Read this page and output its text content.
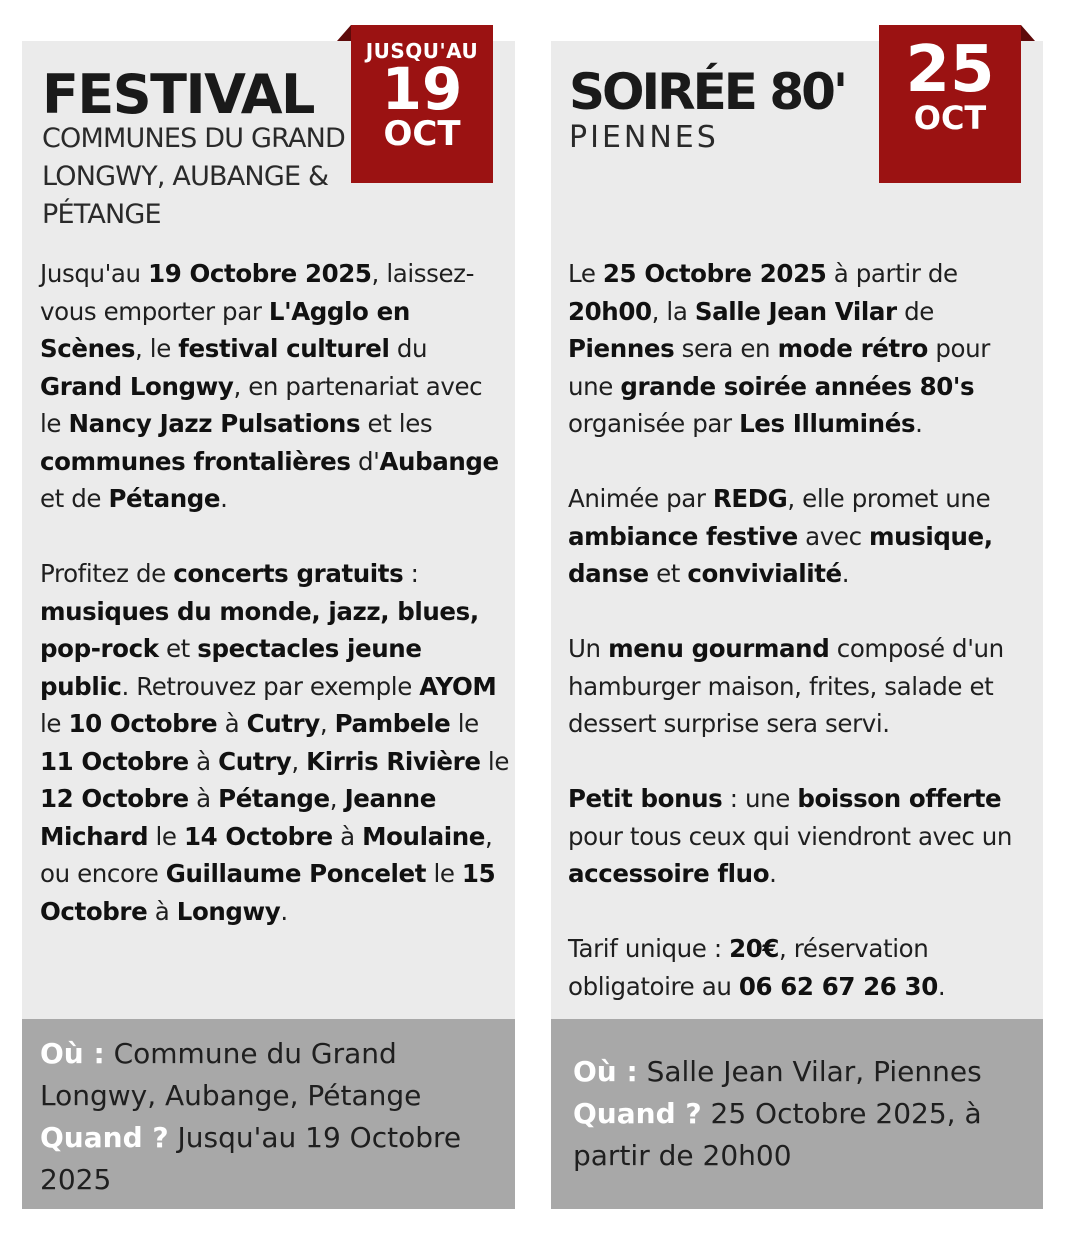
JUSQU'AU
19
OCT
FESTIVAL
COMMUNES DU GRAND LONGWY, AUBANGE & PÉTANGE

Jusqu'au 19 Octobre 2025, laissez-vous emporter par L'Agglo en Scènes, le festival culturel du Grand Longwy, en partenariat avec le Nancy Jazz Pulsations et les communes frontalières d'Aubange et de Pétange.

Profitez de concerts gratuits : musiques du monde, jazz, blues, pop-rock et spectacles jeune public. Retrouvez par exemple AYOM le 10 Octobre à Cutry, Pambele le 11 Octobre à Cutry, Kirris Rivière le 12 Octobre à Pétange, Jeanne Michard le 14 Octobre à Moulaine, ou encore Guillaume Poncelet le 15 Octobre à Longwy.

Où : Commune du Grand Longwy, Aubange, Pétange
Quand ? Jusqu'au 19 Octobre 2025
25
OCT
SOIRÉE 80'
PIENNES

Le 25 Octobre 2025 à partir de 20h00, la Salle Jean Vilar de Piennes sera en mode rétro pour une grande soirée années 80's organisée par Les Illuminés.

Animée par REDG, elle promet une ambiance festive avec musique, danse et convivialité.

Un menu gourmand composé d'un hamburger maison, frites, salade et dessert surprise sera servi.

Petit bonus : une boisson offerte pour tous ceux qui viendront avec un accessoire fluo.

Tarif unique : 20€, réservation obligatoire au 06 62 67 26 30.

Où : Salle Jean Vilar, Piennes
Quand ? 25 Octobre 2025, à partir de 20h00
